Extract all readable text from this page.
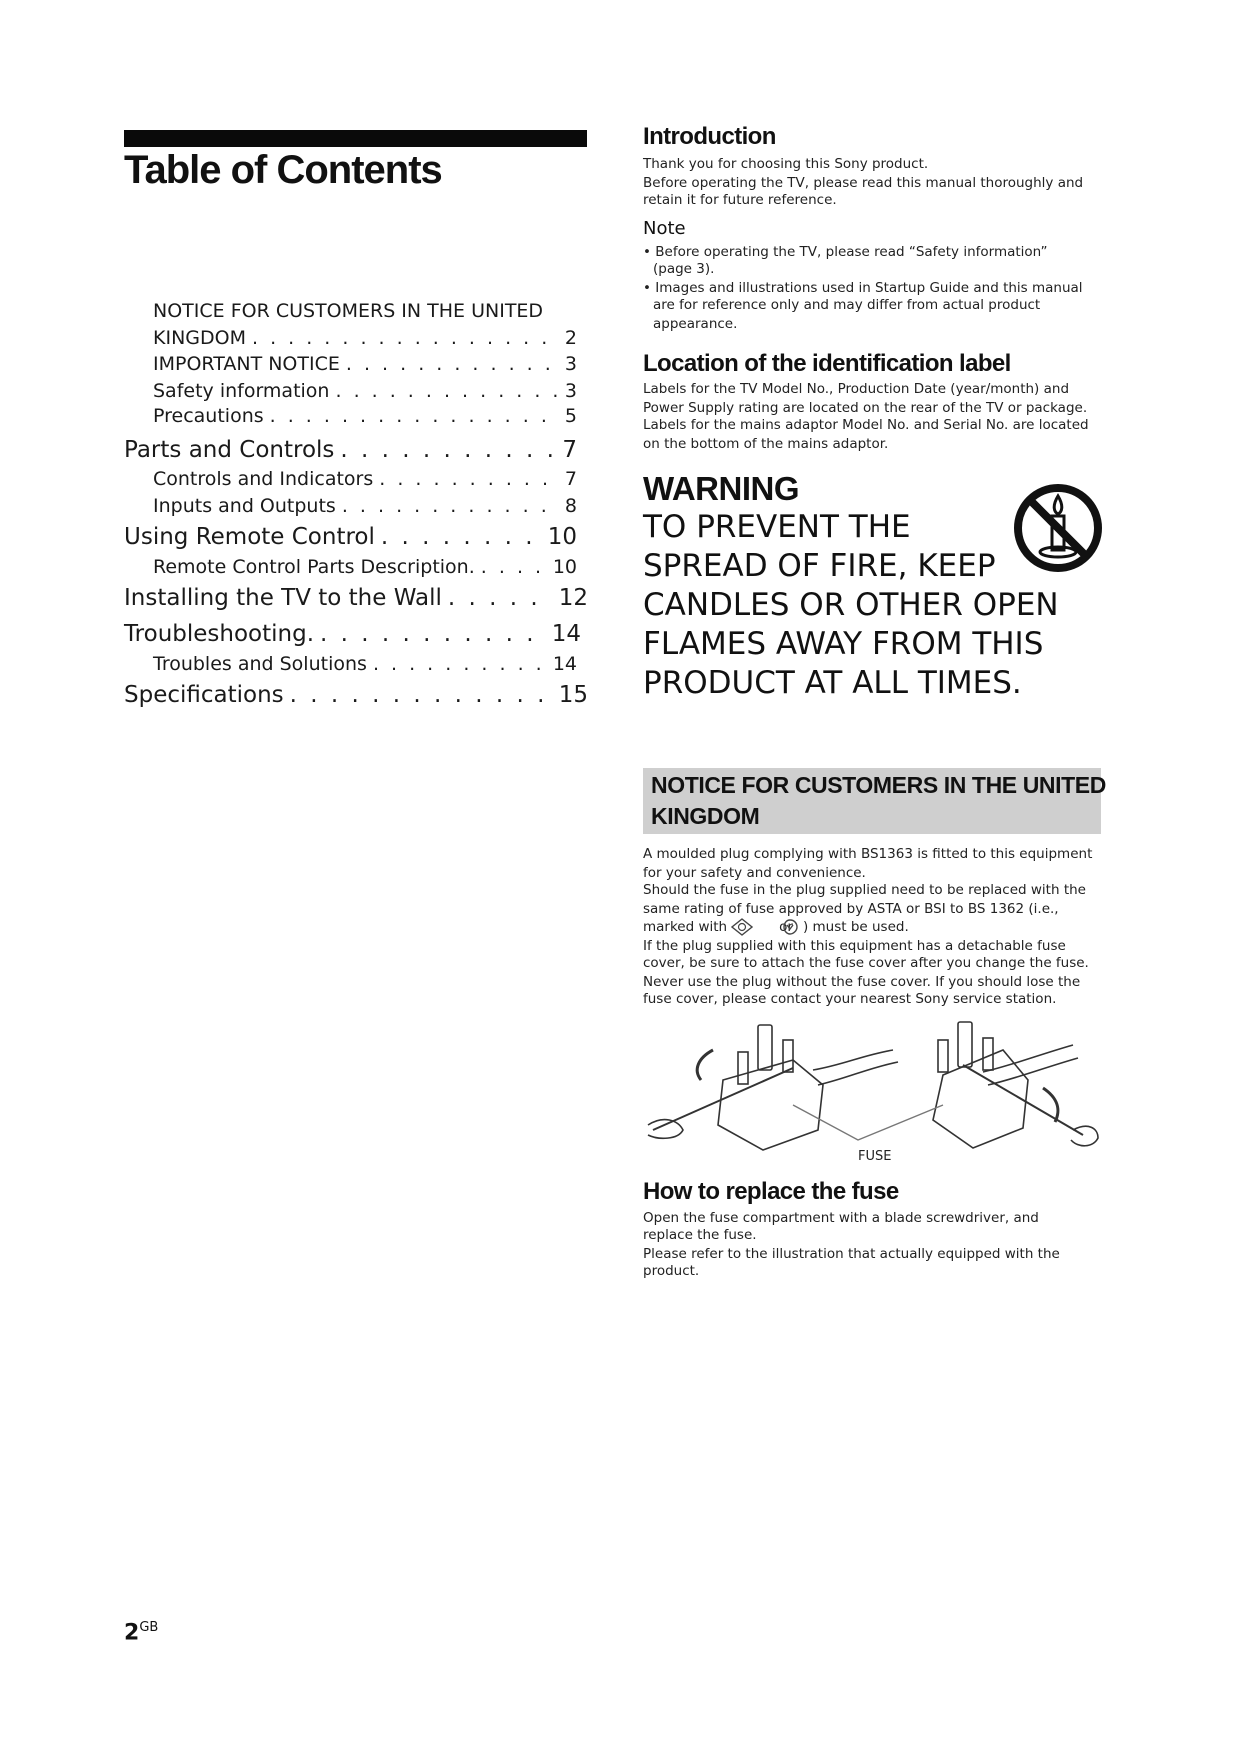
Table of Contents
NOTICE FOR CUSTOMERS IN THE UNITED
KINGDOM . . .	2
IMPORTANT NOTICE . . .	3
Safety information . . .	3
Precautions . . .	5
Parts and Controls . . .	7
Controls and Indicators . . .	7
Inputs and Outputs . . .	8
Using Remote Control . . .	10
Remote Control Parts Description. . . .	10
Installing the TV to the Wall . . .	12
Troubleshooting. . . .	14
Troubles and Solutions . . .	14
Specifications . . .	15
Introduction
Thank you for choosing this Sony product.
Before operating the TV, please read this manual thoroughly and
retain it for future reference.
Note
• Before operating the TV, please read “Safety information”
(page 3).
• Images and illustrations used in Startup Guide and this manual
are for reference only and may differ from actual product
appearance.
Location of the identification label
Labels for the TV Model No., Production Date (year/month) and
Power Supply rating are located on the rear of the TV or package.
Labels for the mains adaptor Model No. and Serial No. are located
on the bottom of the mains adaptor.
WARNING
TO PREVENT THE
SPREAD OF FIRE, KEEP
CANDLES OR OTHER OPEN
FLAMES AWAY FROM THIS
PRODUCT AT ALL TIMES.
NOTICE FOR CUSTOMERS IN THE UNITED
KINGDOM
A moulded plug complying with BS1363 is fitted to this equipment
for your safety and convenience.
Should the fuse in the plug supplied need to be replaced with the
same rating of fuse approved by ASTA or BSI to BS 1362 (i.e.,
marked with	or ) must be used.
If the plug supplied with this equipment has a detachable fuse
cover, be sure to attach the fuse cover after you change the fuse.
Never use the plug without the fuse cover. If you should lose the
fuse cover, please contact your nearest Sony service station.
FUSE
How to replace the fuse
Open the fuse compartment with a blade screwdriver, and
replace the fuse.
Please refer to the illustration that actually equipped with the
product.
$2^{GB}$
